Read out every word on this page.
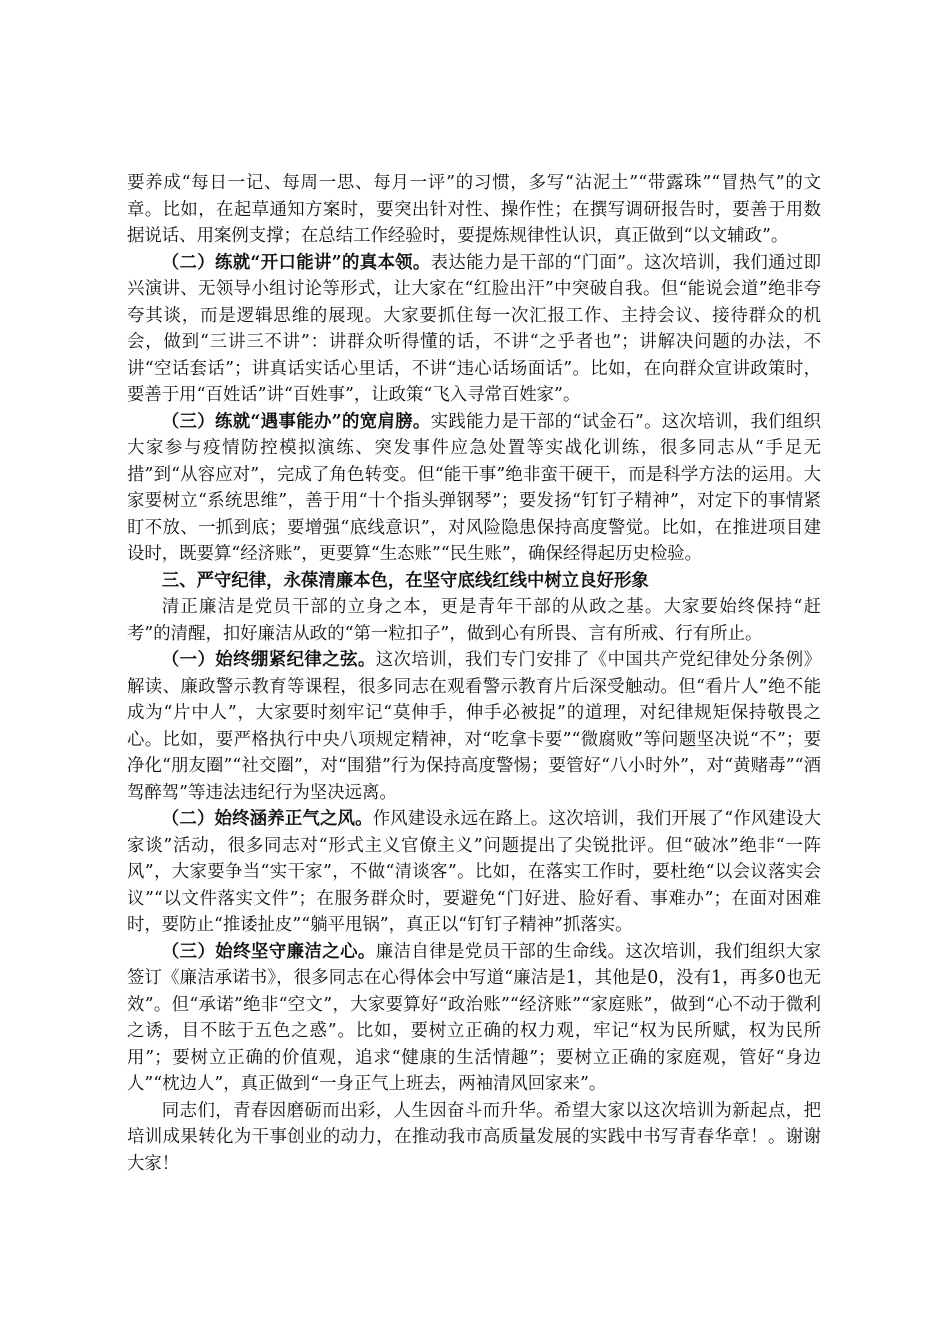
要养成“每日一记、每周一思、每月一评”的习惯，多写“沾泥土”“带露珠”“冒热气”的文章。比如，在起草通知方案时，要突出针对性、操作性；在撰写调研报告时，要善于用数据说话、用案例支撑；在总结工作经验时，要提炼规律性认识，真正做到“以文辅政”。

（二）练就“开口能讲”的真本领。表达能力是干部的“门面”。这次培训，我们通过即兴演讲、无领导小组讨论等形式，让大家在“红脸出汗”中突破自我。但“能说会道”绝非夸夸其谈，而是逻辑思维的展现。大家要抓住每一次汇报工作、主持会议、接待群众的机会，做到“三讲三不讲”：讲群众听得懂的话，不讲“之乎者也”；讲解决问题的办法，不讲“空话套话”；讲真话实话心里话，不讲“违心话场面话”。比如，在向群众宣讲政策时，要善于用“百姓话”讲“百姓事”，让政策“飞入寻常百姓家”。

（三）练就“遇事能办”的宽肩膀。实践能力是干部的“试金石”。这次培训，我们组织大家参与疫情防控模拟演练、突发事件应急处置等实战化训练，很多同志从“手足无措”到“从容应对”，完成了角色转变。但“能干事”绝非蛮干硬干，而是科学方法的运用。大家要树立“系统思维”，善于用“十个指头弹钢琴”；要发扬“钉钉子精神”，对定下的事情紧盯不放、一抓到底；要增强“底线意识”，对风险隐患保持高度警觉。比如，在推进项目建设时，既要算“经济账”，更要算“生态账”“民生账”，确保经得起历史检验。

三、严守纪律，永葆清廉本色，在坚守底线红线中树立良好形象

清正廉洁是党员干部的立身之本，更是青年干部的从政之基。大家要始终保持“赶考”的清醒，扣好廉洁从政的“第一粒扣子”，做到心有所畏、言有所戒、行有所止。

（一）始终绷紧纪律之弦。这次培训，我们专门安排了《中国共产党纪律处分条例》解读、廉政警示教育等课程，很多同志在观看警示教育片后深受触动。但“看片人”绝不能成为“片中人”，大家要时刻牢记“莫伸手，伸手必被捉”的道理，对纪律规矩保持敬畏之心。比如，要严格执行中央八项规定精神，对“吃拿卡要”“微腐败”等问题坚决说“不”；要净化“朋友圈”“社交圈”，对“围猎”行为保持高度警惕；要管好“八小时外”，对“黄赌毒”“酒驾醉驾”等违法违纪行为坚决远离。

（二）始终涵养正气之风。作风建设永远在路上。这次培训，我们开展了“作风建设大家谈”活动，很多同志对“形式主义官僚主义”问题提出了尖锐批评。但“破冰”绝非“一阵风”，大家要争当“实干家”，不做“清谈客”。比如，在落实工作时，要杜绝“以会议落实会议”“以文件落实文件”；在服务群众时，要避免“门好进、脸好看、事难办”；在面对困难时，要防止“推诿扯皮”“躺平甩锅”，真正以“钉钉子精神”抓落实。

（三）始终坚守廉洁之心。廉洁自律是党员干部的生命线。这次培训，我们组织大家签订《廉洁承诺书》，很多同志在心得体会中写道“廉洁是1，其他是0，没有1，再多0也无效”。但“承诺”绝非“空文”，大家要算好“政治账”“经济账”“家庭账”，做到“心不动于微利之诱，目不眩于五色之惑”。比如，要树立正确的权力观，牢记“权为民所赋，权为民所用”；要树立正确的价值观，追求“健康的生活情趣”；要树立正确的家庭观，管好“身边人”“枕边人”，真正做到“一身正气上班去，两袖清风回家来”。

同志们，青春因磨砺而出彩，人生因奋斗而升华。希望大家以这次培训为新起点，把培训成果转化为干事创业的动力，在推动我市高质量发展的实践中书写青春华章！。谢谢大家！
